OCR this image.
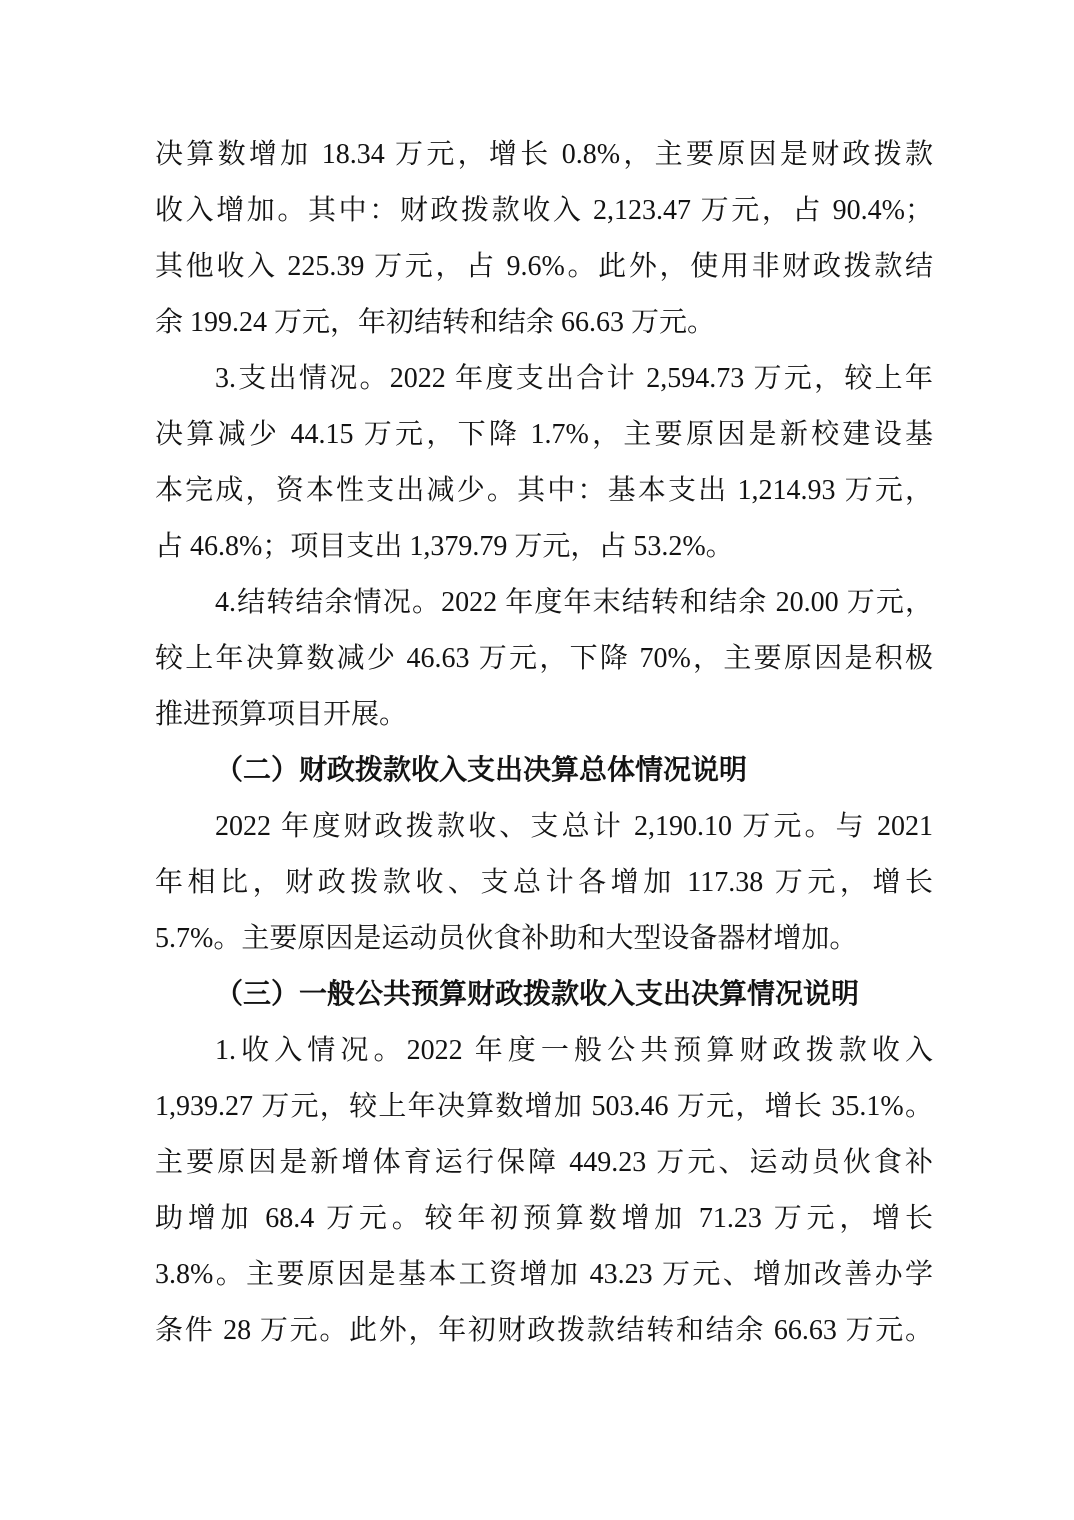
决算数增加 18.34 万元，增长 0.8%，主要原因是财政拨款
收入增加。其中：财政拨款收入 2,123.47 万元，占 90.4%；
其他收入 225.39 万元，占 9.6%。此外，使用非财政拨款结
余 199.24 万元，年初结转和结余 66.63 万元。
3.支出情况。2022 年度支出合计 2,594.73 万元，较上年
决算减少 44.15 万元，下降 1.7%，主要原因是新校建设基
本完成，资本性支出减少。其中：基本支出 1,214.93 万元，
占 46.8%；项目支出 1,379.79 万元，占 53.2%。
4.结转结余情况。2022 年度年末结转和结余 20.00 万元，
较上年决算数减少 46.63 万元，下降 70%，主要原因是积极
推进预算项目开展。
（二）财政拨款收入支出决算总体情况说明
2022 年度财政拨款收、支总计 2,190.10 万元。与 2021
年相比，财政拨款收、支总计各增加 117.38 万元，增长
5.7%。主要原因是运动员伙食补助和大型设备器材增加。
（三）一般公共预算财政拨款收入支出决算情况说明
1.收入情况。2022 年度一般公共预算财政拨款收入
1,939.27 万元，较上年决算数增加 503.46 万元，增长 35.1%。
主要原因是新增体育运行保障 449.23 万元、运动员伙食补
助增加 68.4 万元。较年初预算数增加 71.23 万元，增长
3.8%。主要原因是基本工资增加 43.23 万元、增加改善办学
条件 28 万元。此外，年初财政拨款结转和结余 66.63 万元。
